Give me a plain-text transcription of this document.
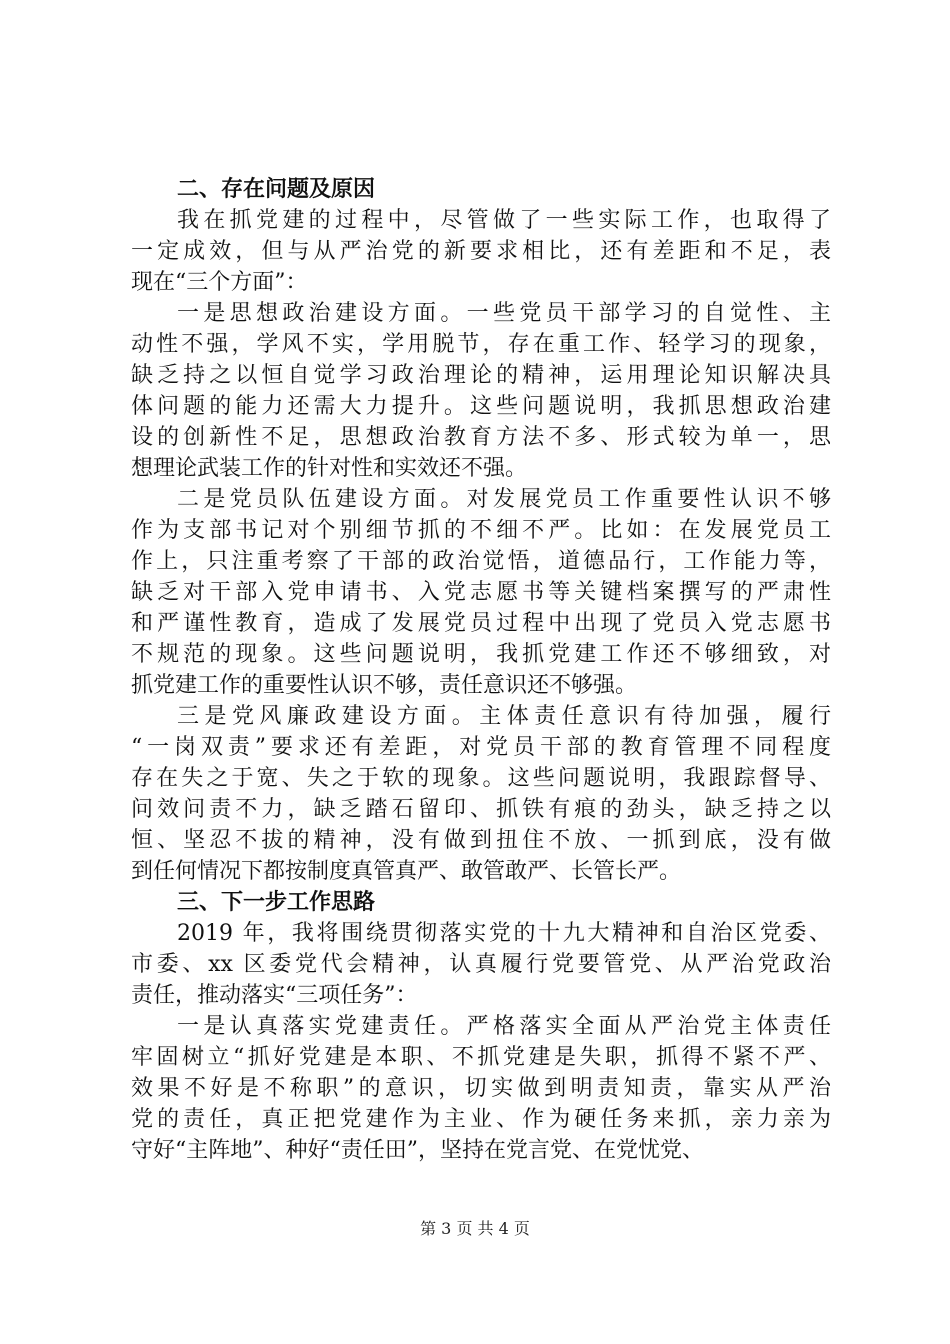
二、存在问题及原因
我在抓党建的过程中，尽管做了一些实际工作，也取得了
一定成效，但与从严治党的新要求相比，还有差距和不足，表
现在“三个方面”：
一是思想政治建设方面。一些党员干部学习的自觉性、主
动性不强，学风不实，学用脱节，存在重工作、轻学习的现象，
缺乏持之以恒自觉学习政治理论的精神，运用理论知识解决具
体问题的能力还需大力提升。这些问题说明，我抓思想政治建
设的创新性不足，思想政治教育方法不多、形式较为单一，思
想理论武装工作的针对性和实效还不强。
二是党员队伍建设方面。对发展党员工作重要性认识不够
作为支部书记对个别细节抓的不细不严。比如：在发展党员工
作上，只注重考察了干部的政治觉悟，道德品行，工作能力等，
缺乏对干部入党申请书、入党志愿书等关键档案撰写的严肃性
和严谨性教育，造成了发展党员过程中出现了党员入党志愿书
不规范的现象。这些问题说明，我抓党建工作还不够细致，对
抓党建工作的重要性认识不够，责任意识还不够强。
三是党风廉政建设方面。主体责任意识有待加强，履行
“一岗双责”要求还有差距，对党员干部的教育管理不同程度
存在失之于宽、失之于软的现象。这些问题说明，我跟踪督导、
问效问责不力，缺乏踏石留印、抓铁有痕的劲头，缺乏持之以
恒、坚忍不拔的精神，没有做到扭住不放、一抓到底，没有做
到任何情况下都按制度真管真严、敢管敢严、长管长严。
三、下一步工作思路
2019 年，我将围绕贯彻落实党的十九大精神和自治区党委、
市委、xx 区委党代会精神，认真履行党要管党、从严治党政治
责任，推动落实“三项任务”：
一是认真落实党建责任。严格落实全面从严治党主体责任
牢固树立“抓好党建是本职、不抓党建是失职，抓得不紧不严、
效果不好是不称职”的意识，切实做到明责知责，靠实从严治
党的责任，真正把党建作为主业、作为硬任务来抓，亲力亲为
守好“主阵地”、种好“责任田”，坚持在党言党、在党忧党、
第 3 页 共 4 页
